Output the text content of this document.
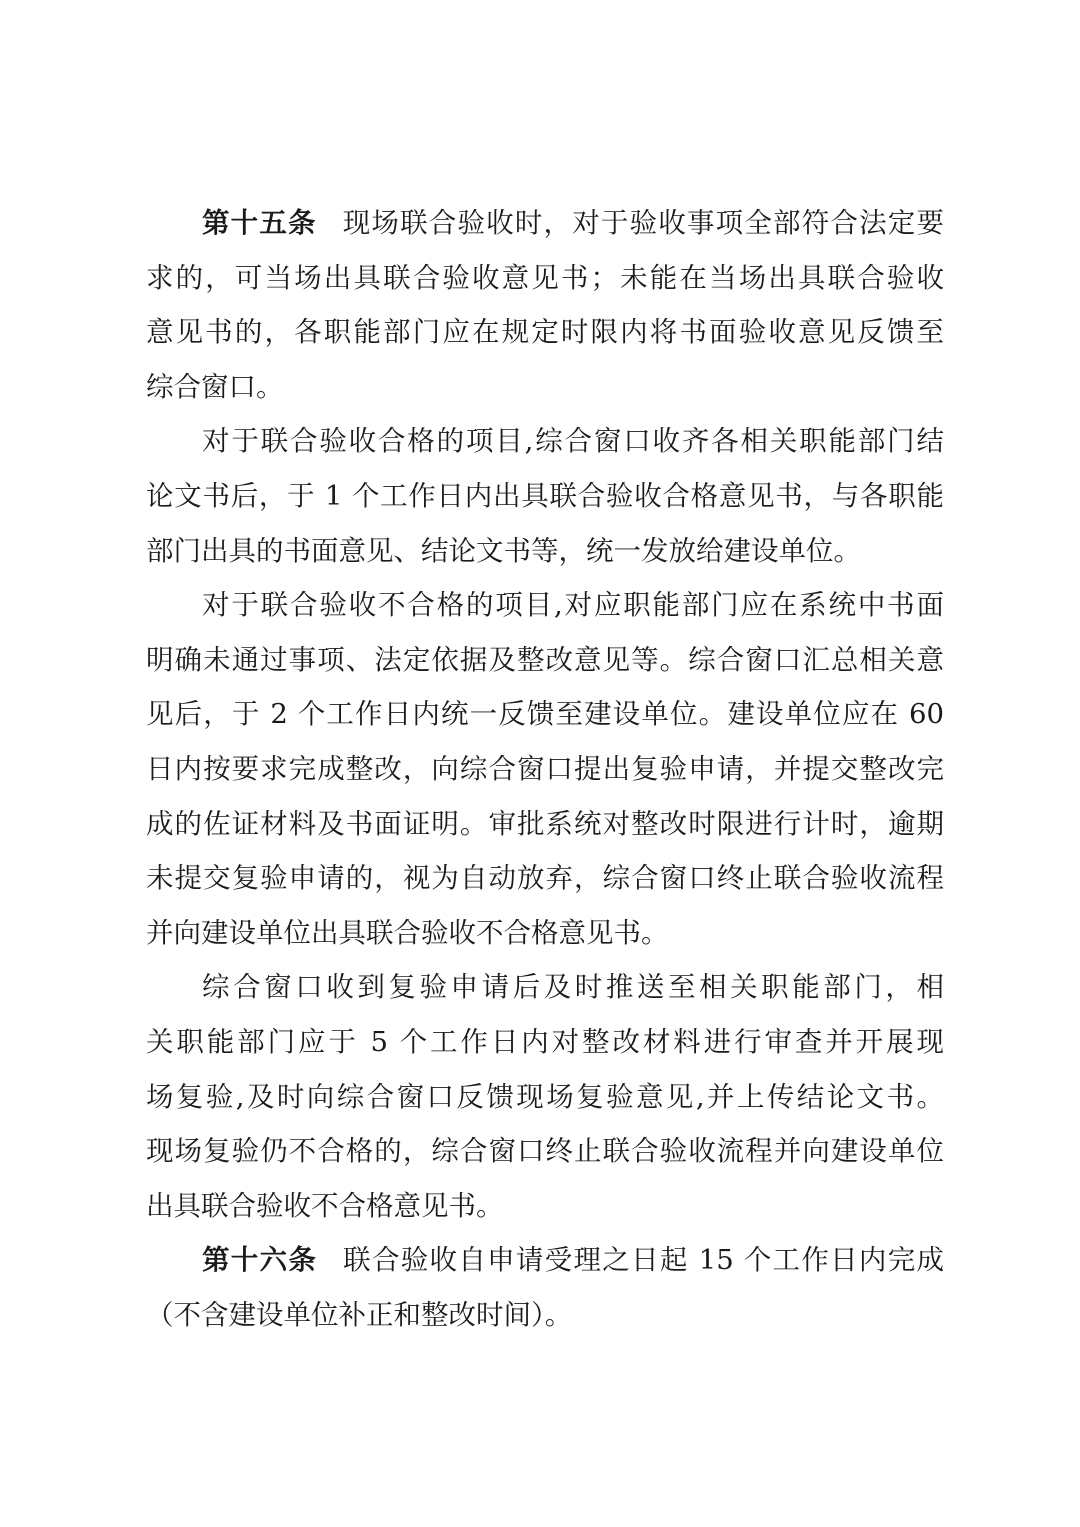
第十五条 现场联合验收时，对于验收事项全部符合法定要
求的，可当场出具联合验收意见书；未能在当场出具联合验收
意见书的，各职能部门应在规定时限内将书面验收意见反馈至
综合窗口。
对于联合验收合格的项目,综合窗口收齐各相关职能部门结
论文书后，于 1 个工作日内出具联合验收合格意见书，与各职能
部门出具的书面意见、结论文书等，统一发放给建设单位。
对于联合验收不合格的项目,对应职能部门应在系统中书面
明确未通过事项、法定依据及整改意见等。综合窗口汇总相关意
见后，于 2 个工作日内统一反馈至建设单位。建设单位应在 60
日内按要求完成整改，向综合窗口提出复验申请，并提交整改完
成的佐证材料及书面证明。审批系统对整改时限进行计时，逾期
未提交复验申请的，视为自动放弃，综合窗口终止联合验收流程
并向建设单位出具联合验收不合格意见书。
综合窗口收到复验申请后及时推送至相关职能部门，相
关职能部门应于 5 个工作日内对整改材料进行审查并开展现
场复验,及时向综合窗口反馈现场复验意见,并上传结论文书。
现场复验仍不合格的，综合窗口终止联合验收流程并向建设单位
出具联合验收不合格意见书。
第十六条 联合验收自申请受理之日起 15 个工作日内完成
（不含建设单位补正和整改时间）。
